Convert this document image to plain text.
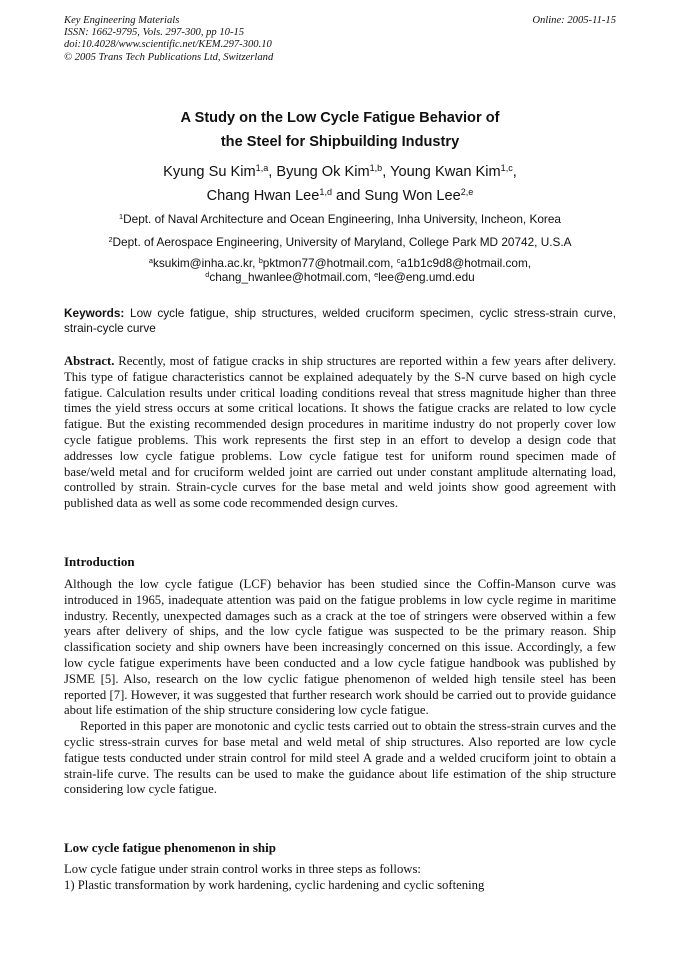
Key Engineering Materials
ISSN: 1662-9795, Vols. 297-300, pp 10-15
doi:10.4028/www.scientific.net/KEM.297-300.10
© 2005 Trans Tech Publications Ltd, Switzerland
Online: 2005-11-15
A Study on the Low Cycle Fatigue Behavior of
the Steel for Shipbuilding Industry
Kyung Su Kim$^{1,a}$, Byung Ok Kim$^{1,b}$, Young Kwan Kim$^{1,c}$,
Chang Hwan Lee$^{1,d}$ and Sung Won Lee$^{2,e}$
$^1$Dept. of Naval Architecture and Ocean Engineering, Inha University, Incheon, Korea
$^2$Dept. of Aerospace Engineering, University of Maryland, College Park MD 20742, U.S.A
$^a$ksukim@inha.ac.kr, $^b$pktmon77@hotmail.com, $^c$a1b1c9d8@hotmail.com,
$^d$chang_hwanlee@hotmail.com, $^e$lee@eng.umd.edu
Keywords: Low cycle fatigue, ship structures, welded cruciform specimen, cyclic stress-strain curve, strain-cycle curve
Abstract. Recently, most of fatigue cracks in ship structures are reported within a few years after delivery. This type of fatigue characteristics cannot be explained adequately by the S-N curve based on high cycle fatigue. Calculation results under critical loading conditions reveal that stress magnitude higher than three times the yield stress occurs at some critical locations. It shows the fatigue cracks are related to low cycle fatigue. But the existing recommended design procedures in maritime industry do not properly cover low cycle fatigue problems. This work represents the first step in an effort to develop a design code that addresses low cycle fatigue problems. Low cycle fatigue test for uniform round specimen made of base/weld metal and for cruciform welded joint are carried out under constant amplitude alternating load, controlled by strain. Strain-cycle curves for the base metal and weld joints show good agreement with published data as well as some code recommended design curves.
Introduction

Although the low cycle fatigue (LCF) behavior has been studied since the Coffin-Manson curve was introduced in 1965, inadequate attention was paid on the fatigue problems in low cycle regime in maritime industry. Recently, unexpected damages such as a crack at the toe of stringers were observed within a few years after delivery of ships, and the low cycle fatigue was suspected to be the primary reason. Ship classification society and ship owners have been increasingly concerned on this issue. Accordingly, a few low cycle fatigue experiments have been conducted and a low cycle fatigue handbook was published by JSME [5]. Also, research on the low cyclic fatigue phenomenon of welded high tensile steel has been reported [7]. However, it was suggested that further research work should be carried out to provide guidance about life estimation of the ship structure considering low cycle fatigue.

Reported in this paper are monotonic and cyclic tests carried out to obtain the stress-strain curves and the cyclic stress-strain curves for base metal and weld metal of ship structures. Also reported are low cycle fatigue tests conducted under strain control for mild steel A grade and a welded cruciform joint to obtain a strain-life curve. The results can be used to make the guidance about life estimation of the ship structure considering low cycle fatigue.

Low cycle fatigue phenomenon in ship

Low cycle fatigue under strain control works in three steps as follows:

1) Plastic transformation by work hardening, cyclic hardening and cyclic softening
